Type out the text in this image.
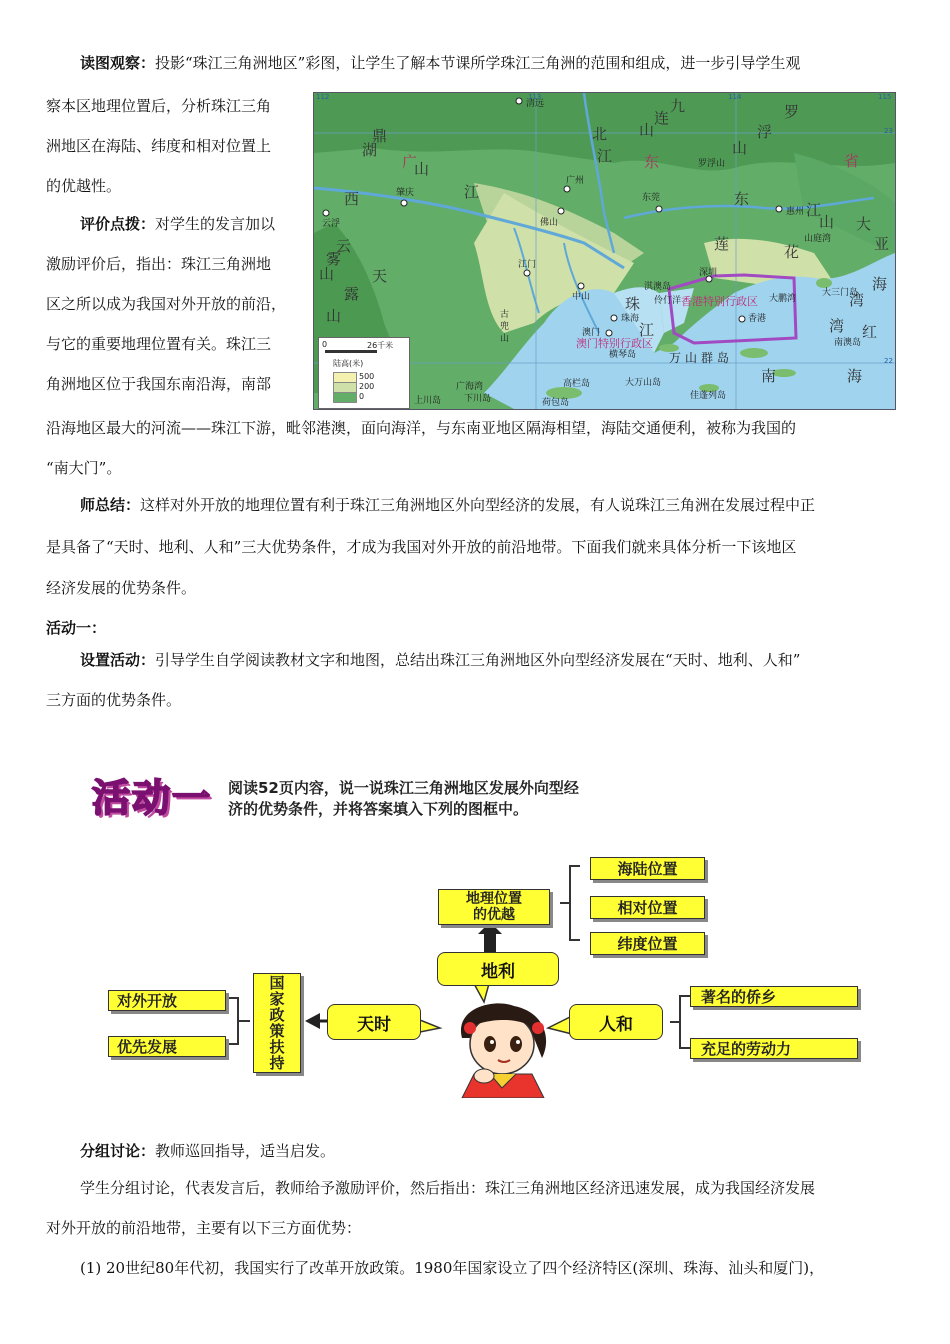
读图观察：投影“珠江三角洲地区”彩图，让学生了解本节课所学珠江三角洲的范围和组成，进一步引导学生观
察本区地理位置后，分析珠江三角
洲地区在海陆、纬度和相对位置上
的优越性。
评价点拨：对学生的发言加以
激励评价后，指出：珠江三角洲地
区之所以成为我国对外开放的前沿，
与它的重要地理位置有关。珠江三
角洲地区位于我国东南沿海，南部
沿海地区最大的河流——珠江下游，毗邻港澳，面向海洋，与东南亚地区隔海相望，海陆交通便利，被称为我国的
“南大门”。
清远
广州
佛山
东莞
惠州
肇庆
云浮
江门
中山
深圳
珠海
澳门
香港
罗浮山
鼎
湖
山
广	东	省
罗
浮
山
九
连
山
云
雾
山	天
露
山	古
兜
山
珠
江
南	海
西	江
北
江
东
江
莲	花
山 大
亚
湾 红
海
湾
万山群岛
大三门岛
高栏岛	大万山岛
佳蓬列岛
荷包岛
上川岛	下川岛
横琴岛
淇澳岛
南澳岛
大鹏湾
伶仃洋
广海湾
山庭湾
香港特别行政区
澳门特别行政区
113	114	115
112
23
22
0	26千米
陆高(米)
500
200
0
师总结：这样对外开放的地理位置有利于珠江三角洲地区外向型经济的发展，有人说珠江三角洲在发展过程中正
是具备了“天时、地利、人和”三大优势条件，才成为我国对外开放的前沿地带。下面我们就来具体分析一下该地区
经济发展的优势条件。
活动一：
设置活动：引导学生自学阅读教材文字和地图，总结出珠江三角洲地区外向型经济发展在“天时、地利、人和”
三方面的优势条件。
活动一 阅读52页内容，说一说珠江三角洲地区发展外向型经
济的优势条件，并将答案填入下列的图框中。
地理位置
的优越
海陆位置
相对位置
纬度位置
地利
天时
国
家
政
策
扶
持
对外开放
优先发展
人和
著名的侨乡
充足的劳动力
分组讨论：教师巡回指导，适当启发。
学生分组讨论，代表发言后，教师给予激励评价，然后指出：珠江三角洲地区经济迅速发展，成为我国经济发展
对外开放的前沿地带，主要有以下三方面优势：
(1) 20世纪80年代初，我国实行了改革开放政策。1980年国家设立了四个经济特区(深圳、珠海、汕头和厦门)，
